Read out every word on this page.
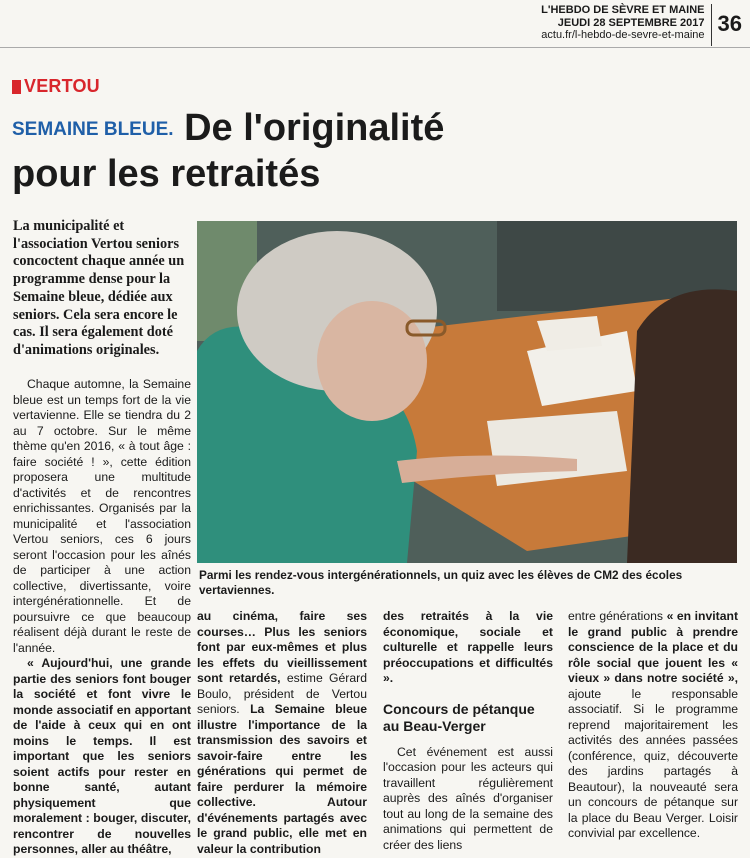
L'HEBDO DE SÈVRE ET MAINE
JEUDI 28 SEPTEMBRE 2017
actu.fr/l-hebdo-de-sevre-et-maine 36
VERTOU
SEMAINE BLEUE. De l'originalité
pour les retraités
La municipalité et l'association Vertou seniors concoctent chaque année un programme dense pour la Semaine bleue, dédiée aux seniors. Cela sera encore le cas. Il sera également doté d'animations originales.

Chaque automne, la Semaine bleue est un temps fort de la vie vertavienne. Elle se tiendra du 2 au 7 octobre. Sur le même thème qu'en 2016, « à tout âge : faire société ! », cette édition proposera une multitude d'activités et de rencontres enrichissantes. Organisés par la municipalité et l'association Vertou seniors, ces 6 jours seront l'occasion pour les aînés de participer à une action collective, divertissante, voire intergénérationnelle. Et de poursuivre ce que beaucoup réalisent déjà durant le reste de l'année.

« Aujourd'hui, une grande partie des seniors font bouger la société et font vivre le monde associatif en apportant de l'aide à ceux qui en ont moins le temps. Il est important que les seniors soient actifs pour rester en bonne santé, autant physiquement que moralement : bouger, discuter, rencontrer de nouvelles personnes, aller au théâtre,

Parmi les rendez-vous intergénérationnels, un quiz avec les élèves de CM2 des écoles vertaviennes.

au cinéma, faire ses courses… Plus les seniors font par eux-mêmes et plus les effets du vieillissement sont retardés, estime Gérard Boulo, président de Vertou seniors. La Semaine bleue illustre l'importance de la transmission des savoirs et savoir-faire entre les générations qui permet de faire perdurer la mémoire collective. Autour d'événements partagés avec le grand public, elle met en valeur la contribution

des retraités à la vie économique, sociale et culturelle et rappelle leurs préoccupations et difficultés ».

Concours de pétanque au Beau-Verger

Cet événement est aussi l'occasion pour les acteurs qui travaillent régulièrement auprès des aînés d'organiser tout au long de la semaine des animations qui permettent de créer des liens

entre générations « en invitant le grand public à prendre conscience de la place et du rôle social que jouent les « vieux » dans notre société », ajoute le responsable associatif. Si le programme reprend majoritairement les activités des années passées (conférence, quiz, découverte des jardins partagés à Beautour), la nouveauté sera un concours de pétanque sur la place du Beau Verger. Loisir convivial par excellence.
